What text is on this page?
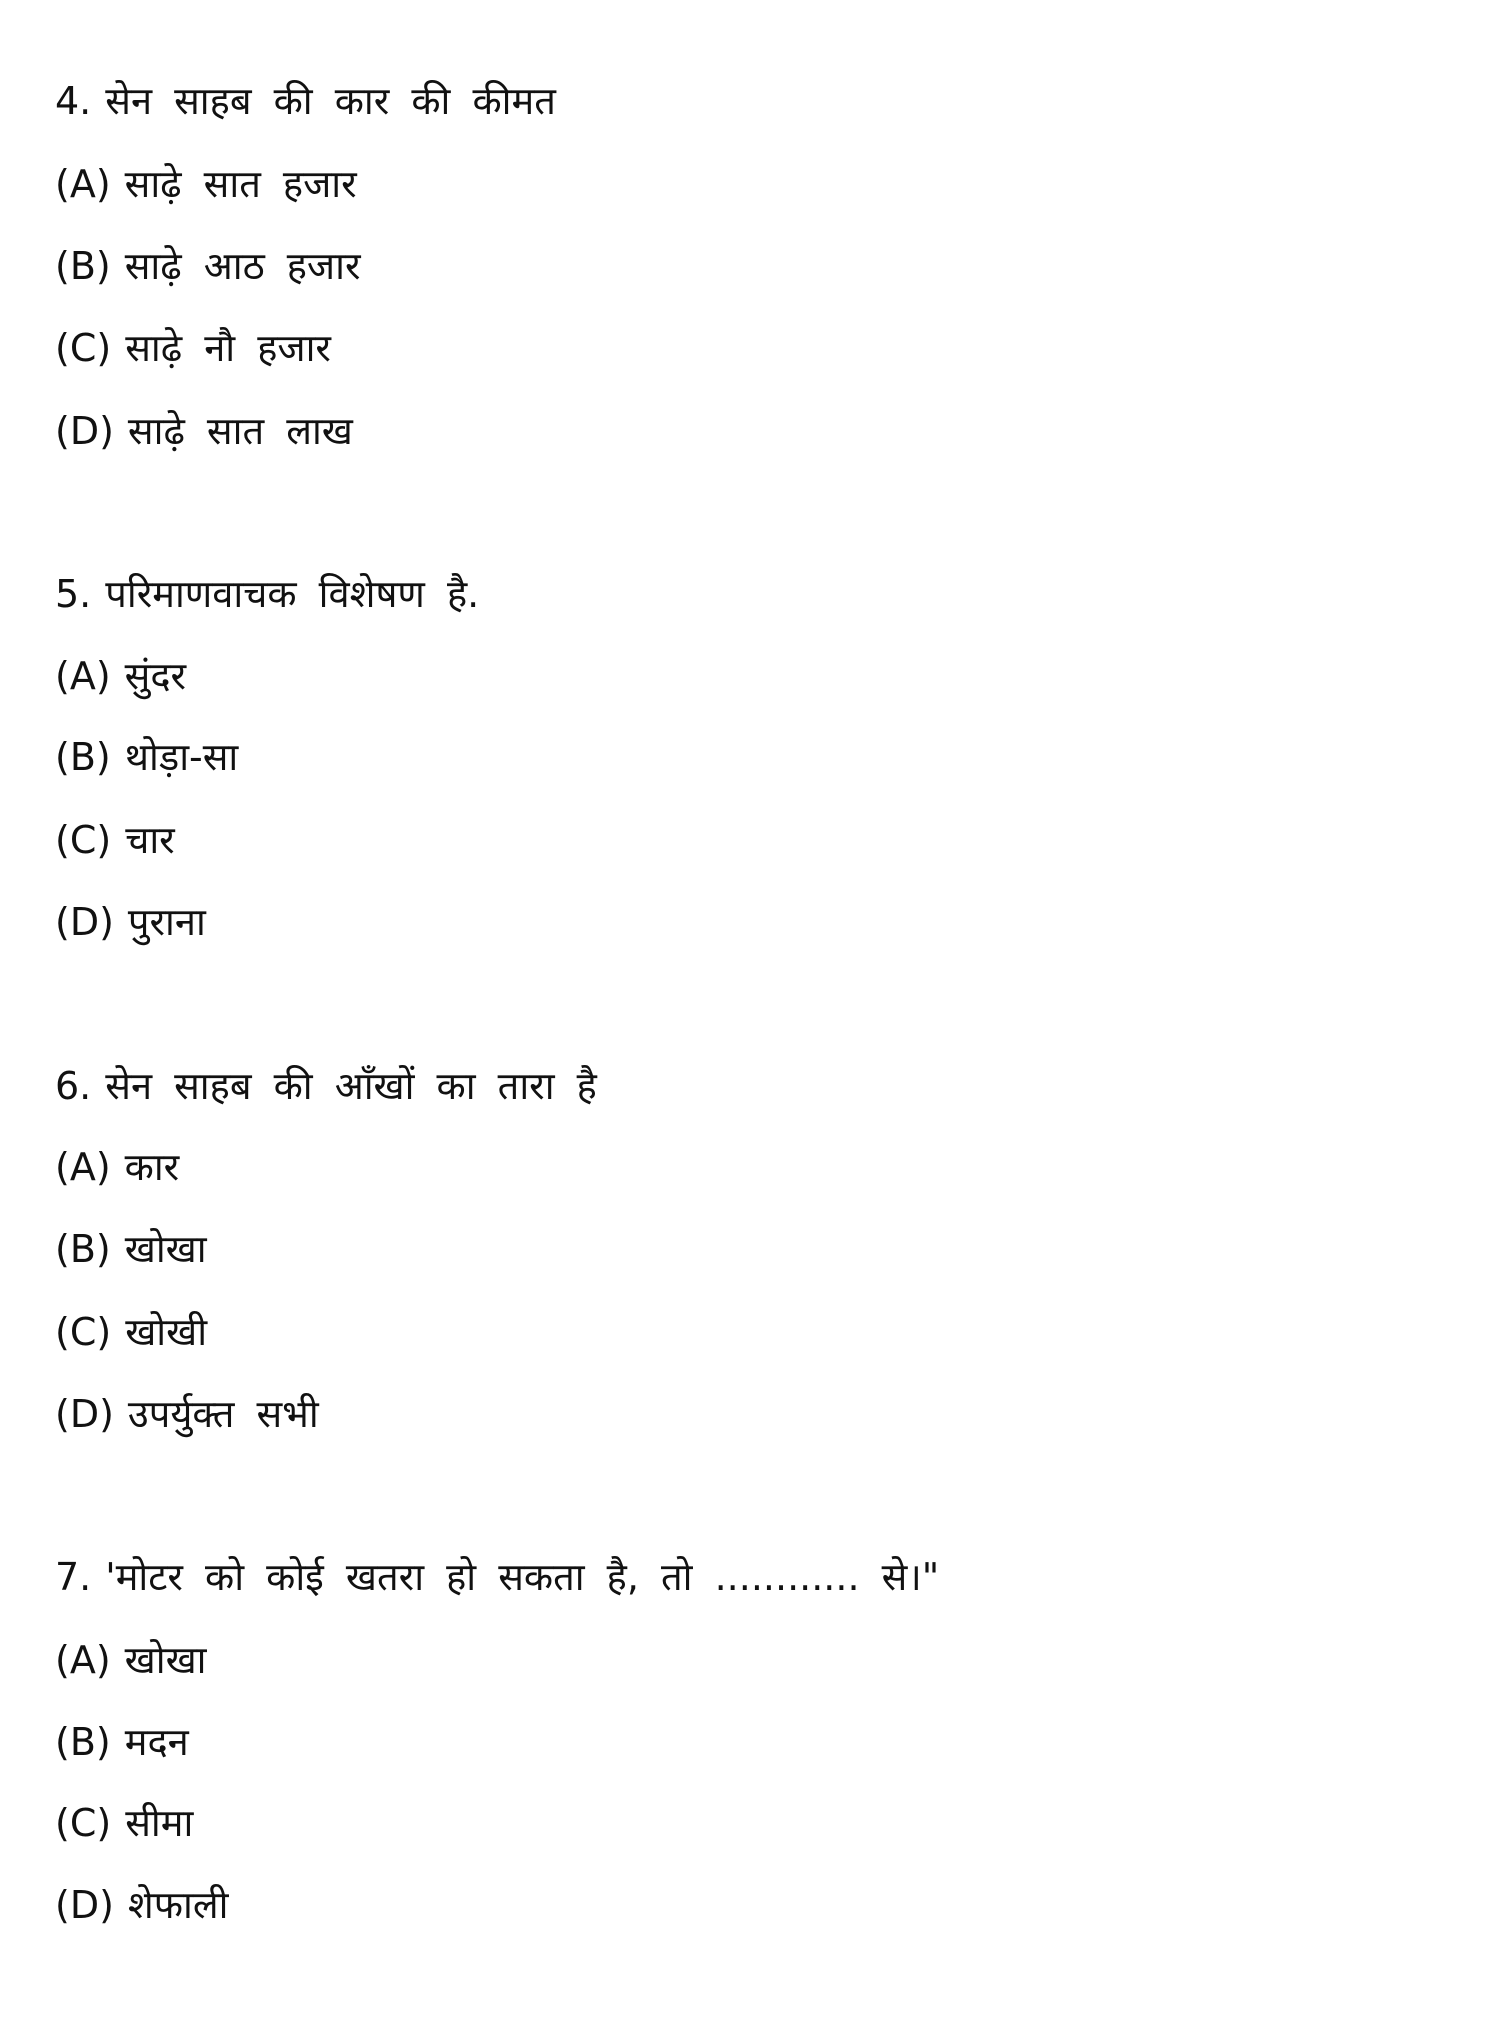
4. सेन साहब की कार की कीमत
(A) साढ़े सात हजार
(B) साढ़े आठ हजार
(C) साढ़े नौ हजार
(D) साढ़े सात लाख
5. परिमाणवाचक विशेषण है.
(A) सुंदर
(B) थोड़ा-सा
(C) चार
(D) पुराना
6. सेन साहब की आँखों का तारा है
(A) कार
(B) खोखा
(C) खोखी
(D) उपर्युक्त सभी
7. 'मोटर को कोई खतरा हो सकता है, तो ............ से।"
(A) खोखा
(B) मदन
(C) सीमा
(D) शेफाली
